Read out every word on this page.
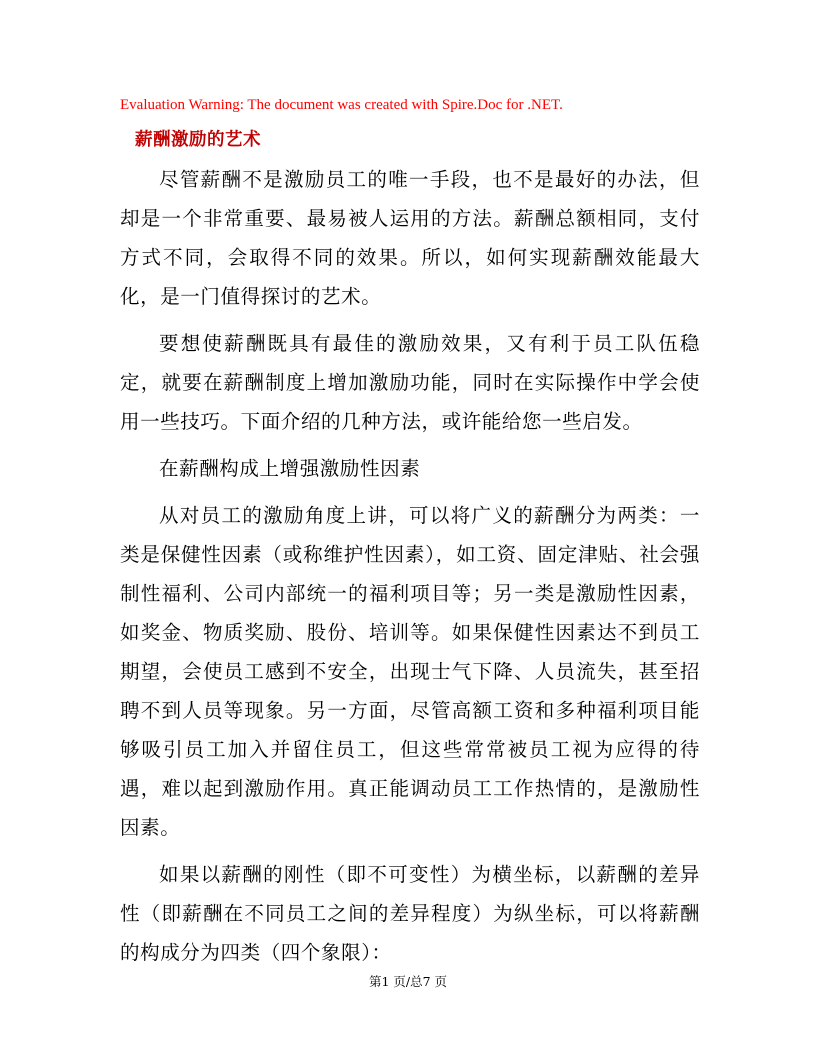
Evaluation Warning: The document was created with Spire.Doc for .NET.
薪酬激励的艺术

尽管薪酬不是激励员工的唯一手段，也不是最好的办法，但却是一个非常重要、最易被人运用的方法。薪酬总额相同，支付方式不同，会取得不同的效果。所以，如何实现薪酬效能最大化，是一门值得探讨的艺术。

要想使薪酬既具有最佳的激励效果，又有利于员工队伍稳定，就要在薪酬制度上增加激励功能，同时在实际操作中学会使用一些技巧。下面介绍的几种方法，或许能给您一些启发。

在薪酬构成上增强激励性因素

从对员工的激励角度上讲，可以将广义的薪酬分为两类：一类是保健性因素（或称维护性因素），如工资、固定津贴、社会强制性福利、公司内部统一的福利项目等；另一类是激励性因素，如奖金、物质奖励、股份、培训等。如果保健性因素达不到员工期望，会使员工感到不安全，出现士气下降、人员流失，甚至招聘不到人员等现象。另一方面，尽管高额工资和多种福利项目能够吸引员工加入并留住员工，但这些常常被员工视为应得的待遇，难以起到激励作用。真正能调动员工工作热情的，是激励性因素。

如果以薪酬的刚性（即不可变性）为横坐标，以薪酬的差异性（即薪酬在不同员工之间的差异程度）为纵坐标，可以将薪酬的构成分为四类（四个象限）：

第1 页/总7 页
